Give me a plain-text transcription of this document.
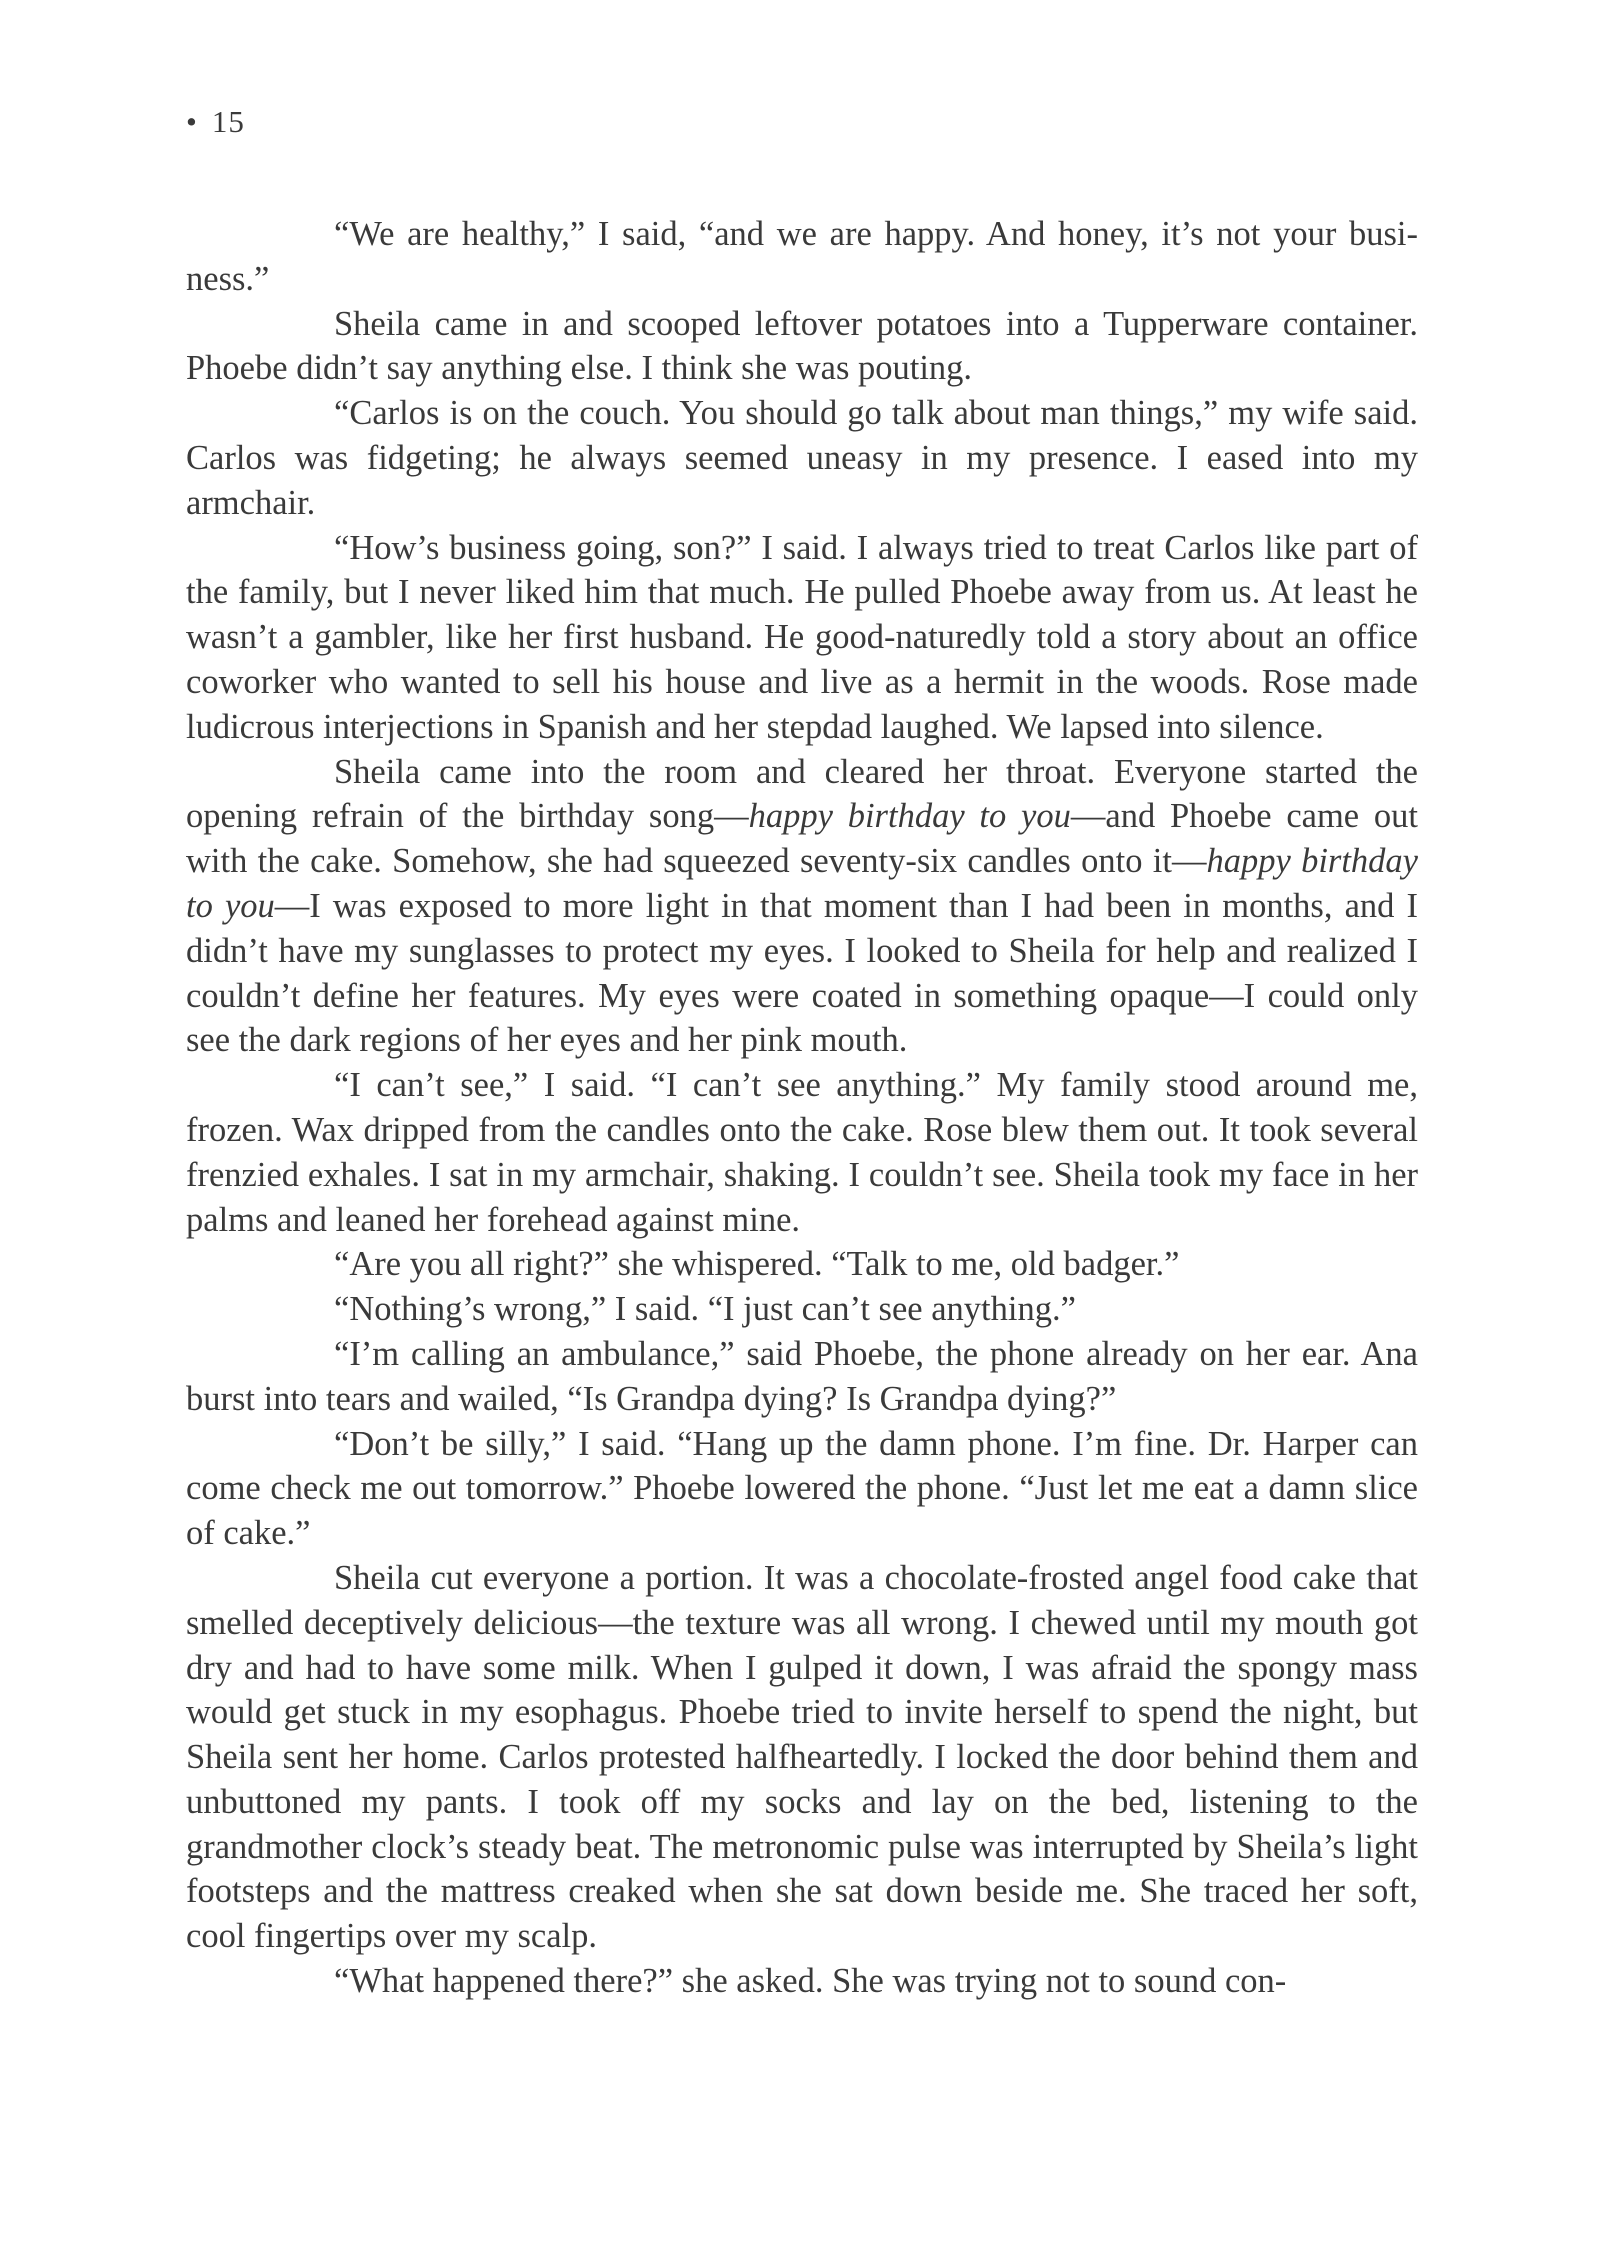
• 15

“We are healthy,” I said, “and we are happy. And honey, it’s not your busi-ness.”

Sheila came in and scooped leftover potatoes into a Tupperware container. Phoebe didn’t say anything else. I think she was pouting.

“Carlos is on the couch. You should go talk about man things,” my wife said. Carlos was fidgeting; he always seemed uneasy in my presence. I eased into my armchair.

“How’s business going, son?” I said. I always tried to treat Carlos like part of the family, but I never liked him that much. He pulled Phoebe away from us. At least he wasn’t a gambler, like her first husband. He good-naturedly told a story about an office coworker who wanted to sell his house and live as a hermit in the woods. Rose made ludicrous interjections in Spanish and her stepdad laughed. We lapsed into silence.

Sheila came into the room and cleared her throat. Everyone started the opening refrain of the birthday song—happy birthday to you—and Phoebe came out with the cake. Somehow, she had squeezed seventy-six candles onto it—happy birthday to you—I was exposed to more light in that moment than I had been in months, and I didn’t have my sunglasses to protect my eyes. I looked to Sheila for help and realized I couldn’t define her features. My eyes were coated in something opaque—I could only see the dark regions of her eyes and her pink mouth.

“I can’t see,” I said. “I can’t see anything.” My family stood around me, frozen. Wax dripped from the candles onto the cake. Rose blew them out. It took several frenzied exhales. I sat in my armchair, shaking. I couldn’t see. Sheila took my face in her palms and leaned her forehead against mine.

“Are you all right?” she whispered. “Talk to me, old badger.”

“Nothing’s wrong,” I said. “I just can’t see anything.”

“I’m calling an ambulance,” said Phoebe, the phone already on her ear. Ana burst into tears and wailed, “Is Grandpa dying? Is Grandpa dying?”

“Don’t be silly,” I said. “Hang up the damn phone. I’m fine. Dr. Harper can come check me out tomorrow.” Phoebe lowered the phone. “Just let me eat a damn slice of cake.”

Sheila cut everyone a portion. It was a chocolate-frosted angel food cake that smelled deceptively delicious—the texture was all wrong. I chewed until my mouth got dry and had to have some milk. When I gulped it down, I was afraid the spongy mass would get stuck in my esophagus. Phoebe tried to invite herself to spend the night, but Sheila sent her home. Carlos protested halfheartedly. I locked the door behind them and unbuttoned my pants. I took off my socks and lay on the bed, listening to the grandmother clock’s steady beat. The metronomic pulse was interrupted by Sheila’s light footsteps and the mattress creaked when she sat down beside me. She traced her soft, cool fingertips over my scalp.

“What happened there?” she asked. She was trying not to sound con-
